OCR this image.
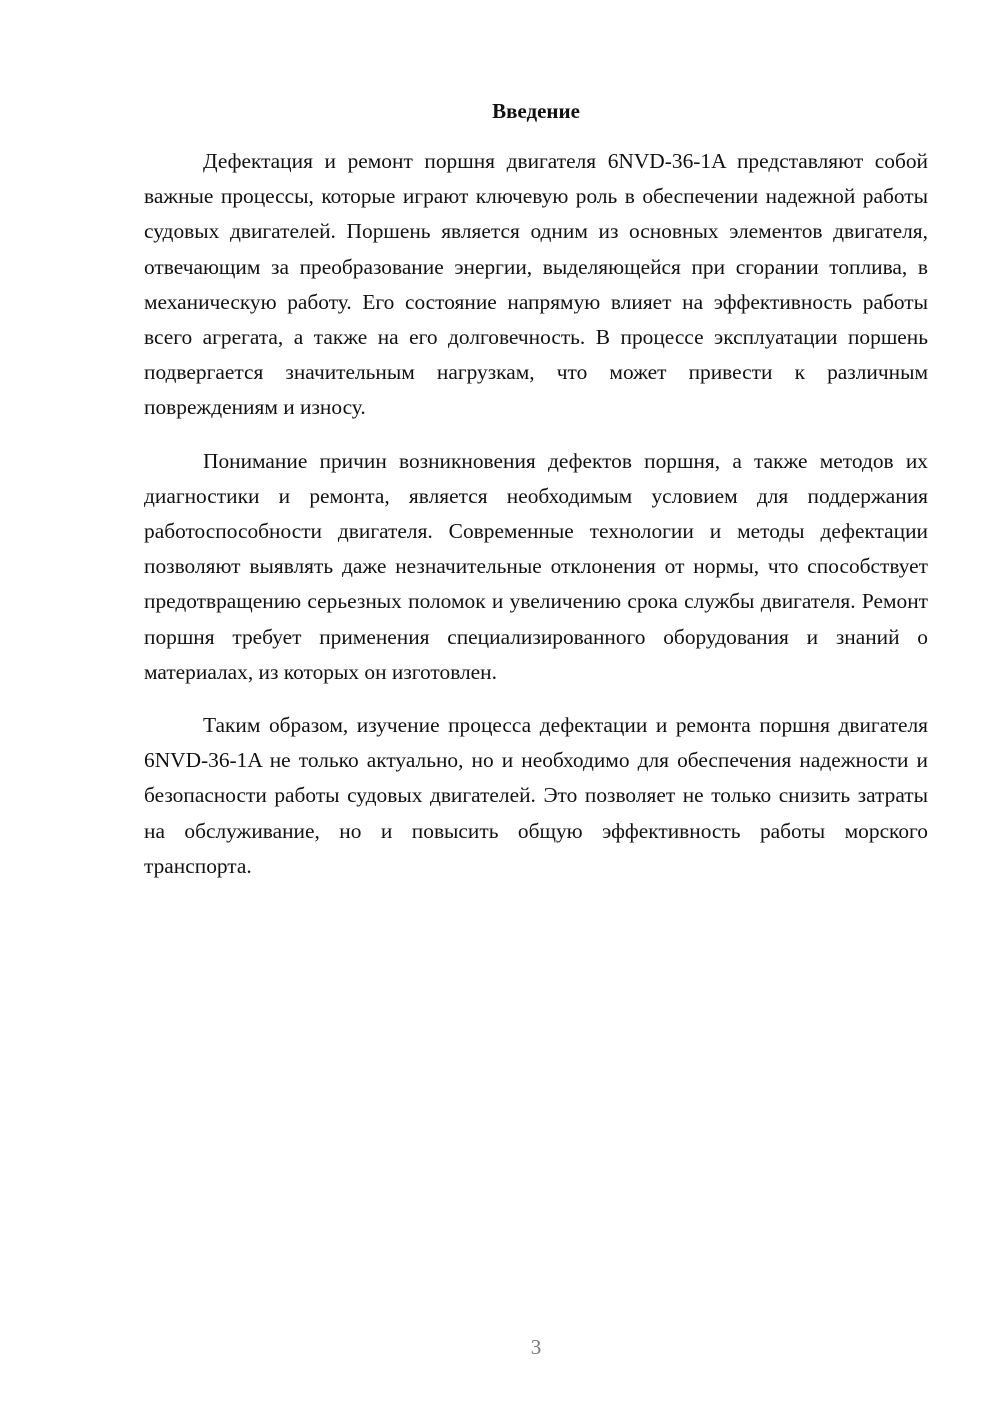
Введение

Дефектация и ремонт поршня двигателя 6NVD-36-1A представляют собой важные процессы, которые играют ключевую роль в обеспечении надежной работы судовых двигателей. Поршень является одним из основных элементов двигателя, отвечающим за преобразование энергии, выделяющейся при сгорании топлива, в механическую работу. Его состояние напрямую влияет на эффективность работы всего агрегата, а также на его долговечность. В процессе эксплуатации поршень подвергается значительным нагрузкам, что может привести к различным повреждениям и износу.

Понимание причин возникновения дефектов поршня, а также методов их диагностики и ремонта, является необходимым условием для поддержания работоспособности двигателя. Современные технологии и методы дефектации позволяют выявлять даже незначительные отклонения от нормы, что способствует предотвращению серьезных поломок и увеличению срока службы двигателя. Ремонт поршня требует применения специализированного оборудования и знаний о материалах, из которых он изготовлен.

Таким образом, изучение процесса дефектации и ремонта поршня двигателя 6NVD-36-1A не только актуально, но и необходимо для обеспечения надежности и безопасности работы судовых двигателей. Это позволяет не только снизить затраты на обслуживание, но и повысить общую эффективность работы морского транспорта.

3
